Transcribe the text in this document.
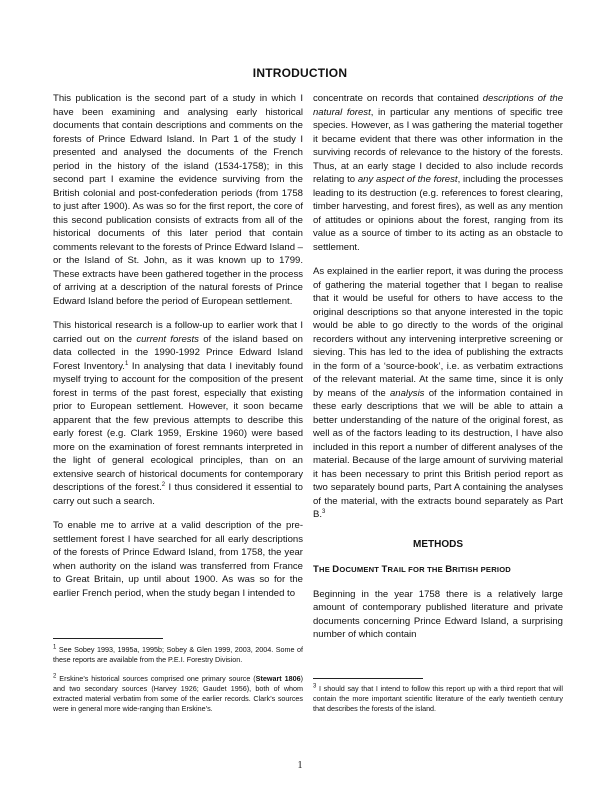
INTRODUCTION

This publication is the second part of a study in which I have been examining and analysing early historical documents that contain descriptions and comments on the forests of Prince Edward Island. In Part 1 of the study I presented and analysed the documents of the French period in the history of the island (1534-1758); in this second part I examine the evidence surviving from the British colonial and post-confederation periods (from 1758 to just after 1900). As was so for the first report, the core of this second publication consists of extracts from all of the historical documents of this later period that contain comments relevant to the forests of Prince Edward Island – or the Island of St. John, as it was known up to 1799. These extracts have been gathered together in the process of arriving at a description of the natural forests of Prince Edward Island before the period of European settlement.

This historical research is a follow-up to earlier work that I carried out on the current forests of the island based on data collected in the 1990-1992 Prince Edward Island Forest Inventory.$^1$ In analysing that data I inevitably found myself trying to account for the composition of the present forest in terms of the past forest, especially that existing prior to European settlement. However, it soon became apparent that the few previous attempts to describe this early forest (e.g. Clark 1959, Erskine 1960) were based more on the examination of forest remnants interpreted in the light of general ecological principles, than on an extensive search of historical documents for contemporary descriptions of the forest.$^2$ I thus considered it essential to carry out such a search.

To enable me to arrive at a valid description of the pre-settlement forest I have searched for all early descriptions of the forests of Prince Edward Island, from 1758, the year when authority on the island was transferred from France to Great Britain, up until about 1900. As was so for the earlier French period, when the study began I intended to

concentrate on records that contained descriptions of the natural forest, in particular any mentions of specific tree species. However, as I was gathering the material together it became evident that there was other information in the surviving records of relevance to the history of the forests. Thus, at an early stage I decided to also include records relating to any aspect of the forest, including the processes leading to its destruction (e.g. references to forest clearing, timber harvesting, and forest fires), as well as any mention of attitudes or opinions about the forest, ranging from its value as a source of timber to its acting as an obstacle to settlement.

As explained in the earlier report, it was during the process of gathering the material together that I began to realise that it would be useful for others to have access to the original descriptions so that anyone interested in the topic would be able to go directly to the words of the original recorders without any intervening interpretive screening or sieving. This has led to the idea of publishing the extracts in the form of a ‘source-book’, i.e. as verbatim extractions of the relevant material. At the same time, since it is only by means of the analysis of the information contained in these early descriptions that we will be able to attain a better understanding of the nature of the original forest, as well as of the factors leading to its destruction, I have also included in this report a number of different analyses of the material. Because of the large amount of surviving material it has been necessary to print this British period report as two separately bound parts, Part A containing the analyses of the material, with the extracts bound separately as Part B.$^3$

METHODS
THE DOCUMENT TRAIL FOR THE BRITISH PERIOD

Beginning in the year 1758 there is a relatively large amount of contemporary published literature and private documents concerning Prince Edward Island, a surprising number of which contain

$^1$ See Sobey 1993, 1995a, 1995b; Sobey & Glen 1999, 2003, 2004. Some of these reports are available from the P.E.I. Forestry Division.

$^2$ Erskine’s historical sources comprised one primary source (Stewart 1806) and two secondary sources (Harvey 1926; Gaudet 1956), both of whom extracted material verbatim from some of the earlier records. Clark’s sources were in general more wide-ranging than Erskine’s.

$^3$ I should say that I intend to follow this report up with a third report that will contain the more important scientific literature of the early twentieth century that describes the forests of the island.

1
